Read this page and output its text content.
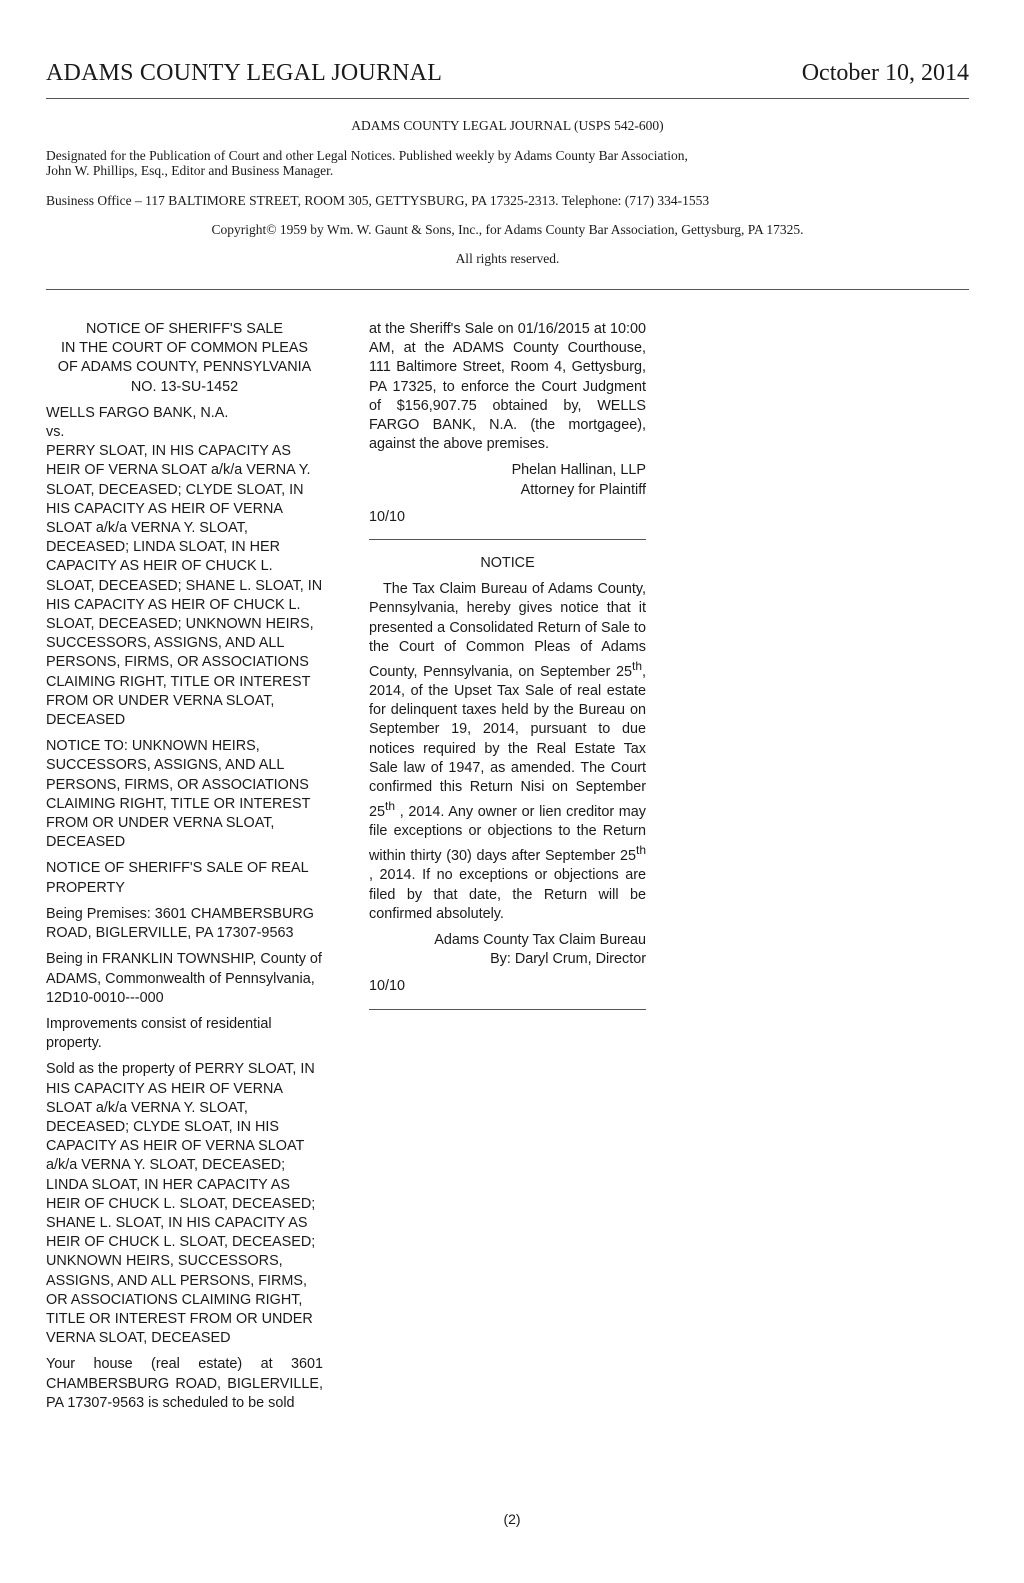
ADAMS COUNTY LEGAL JOURNAL	October 10, 2014

ADAMS COUNTY LEGAL JOURNAL (USPS 542-600)

Designated for the Publication of Court and other Legal Notices. Published weekly by Adams County Bar Association,

John W. Phillips, Esq., Editor and Business Manager.

Business Office – 117 BALTIMORE STREET, ROOM 305, GETTYSBURG, PA 17325-2313. Telephone: (717) 334-1553

Copyright© 1959 by Wm. W. Gaunt & Sons, Inc., for Adams County Bar Association, Gettysburg, PA 17325.

All rights reserved.

NOTICE OF SHERIFF'S SALE
IN THE COURT OF COMMON PLEAS
OF ADAMS COUNTY, PENNSYLVANIA
NO. 13-SU-1452

WELLS FARGO BANK, N.A.

vs.

PERRY SLOAT, IN HIS CAPACITY AS HEIR OF VERNA SLOAT a/k/a VERNA Y. SLOAT, DECEASED; CLYDE SLOAT, IN HIS CAPACITY AS HEIR OF VERNA SLOAT a/k/a VERNA Y. SLOAT, DECEASED; LINDA SLOAT, IN HER CAPACITY AS HEIR OF CHUCK L. SLOAT, DECEASED; SHANE L. SLOAT, IN HIS CAPACITY AS HEIR OF CHUCK L. SLOAT, DECEASED; UNKNOWN HEIRS, SUCCESSORS, ASSIGNS, AND ALL PERSONS, FIRMS, OR ASSOCIATIONS CLAIMING RIGHT, TITLE OR INTEREST FROM OR UNDER VERNA SLOAT, DECEASED

NOTICE TO: UNKNOWN HEIRS, SUCCESSORS, ASSIGNS, AND ALL PERSONS, FIRMS, OR ASSOCIATIONS CLAIMING RIGHT, TITLE OR INTEREST FROM OR UNDER VERNA SLOAT, DECEASED

NOTICE OF SHERIFF'S SALE OF REAL PROPERTY

Being Premises: 3601 CHAMBERSBURG ROAD, BIGLERVILLE, PA 17307-9563

Being in FRANKLIN TOWNSHIP, County of ADAMS, Commonwealth of Pennsylvania, 12D10-0010---000

Improvements consist of residential property.

Sold as the property of PERRY SLOAT, IN HIS CAPACITY AS HEIR OF VERNA SLOAT a/k/a VERNA Y. SLOAT, DECEASED; CLYDE SLOAT, IN HIS CAPACITY AS HEIR OF VERNA SLOAT a/k/a VERNA Y. SLOAT, DECEASED; LINDA SLOAT, IN HER CAPACITY AS HEIR OF CHUCK L. SLOAT, DECEASED; SHANE L. SLOAT, IN HIS CAPACITY AS HEIR OF CHUCK L. SLOAT, DECEASED; UNKNOWN HEIRS, SUCCESSORS, ASSIGNS, AND ALL PERSONS, FIRMS, OR ASSOCIATIONS CLAIMING RIGHT, TITLE OR INTEREST FROM OR UNDER VERNA SLOAT, DECEASED

Your house (real estate) at 3601 CHAMBERSBURG ROAD, BIGLERVILLE, PA 17307-9563 is scheduled to be sold

at the Sheriff's Sale on 01/16/2015 at 10:00 AM, at the ADAMS County Courthouse, 111 Baltimore Street, Room 4, Gettysburg, PA 17325, to enforce the Court Judgment of $156,907.75 obtained by, WELLS FARGO BANK, N.A. (the mortgagee), against the above premises.

Phelan Hallinan, LLP

Attorney for Plaintiff

10/10

NOTICE

The Tax Claim Bureau of Adams County, Pennsylvania, hereby gives notice that it presented a Consolidated Return of Sale to the Court of Common Pleas of Adams County, Pennsylvania, on September 25th, 2014, of the Upset Tax Sale of real estate for delinquent taxes held by the Bureau on September 19, 2014, pursuant to due notices required by the Real Estate Tax Sale law of 1947, as amended. The Court confirmed this Return Nisi on September 25th , 2014. Any owner or lien creditor may file exceptions or objections to the Return within thirty (30) days after September 25th , 2014. If no exceptions or objections are filed by that date, the Return will be confirmed absolutely.

Adams County Tax Claim Bureau

By: Daryl Crum, Director

10/10

(2)
